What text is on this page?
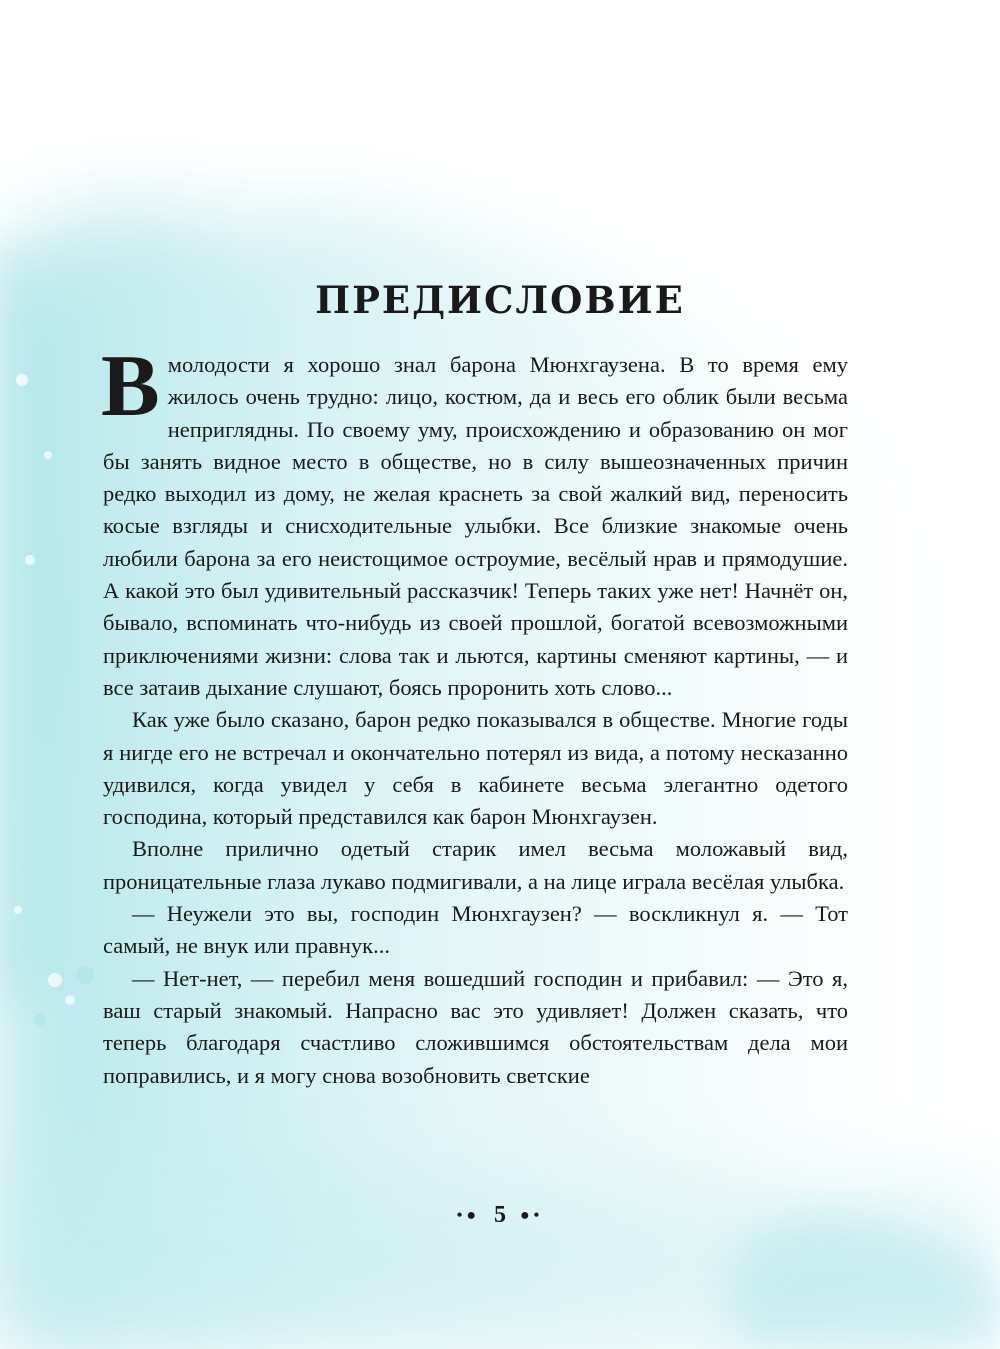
ПРЕДИСЛОВИЕ

Вмолодости я хорошо знал барона Мюнхгаузена. В то время ему жилось очень трудно: лицо, костюм, да и весь его облик были весьма неприглядны. По своему уму, происхождению и образованию он мог бы занять видное место в обществе, но в силу вышеозначенных причин редко выходил из дому, не желая краснеть за свой жалкий вид, переносить косые взгляды и снисходительные улыбки. Все близкие знакомые очень любили барона за его неистощимое остроумие, весёлый нрав и прямодушие. А какой это был удивительный рассказчик! Теперь таких уже нет! Начнёт он, бывало, вспоминать что-нибудь из своей прошлой, богатой всевозможными приключениями жизни: слова так и льются, картины сменяют картины, — и все затаив дыхание слушают, боясь проронить хоть слово...

Как уже было сказано, барон редко показывался в обществе. Многие годы я нигде его не встречал и окончательно потерял из вида, а потому несказанно удивился, когда увидел у себя в кабинете весьма элегантно одетого господина, который представился как барон Мюнхгаузен.

Вполне прилично одетый старик имел весьма моложавый вид, проницательные глаза лукаво подмигивали, а на лице играла весёлая улыбка.

— Неужели это вы, господин Мюнхгаузен? — воскликнул я. — Тот самый, не внук или правнук...

— Нет-нет, — перебил меня вошедший господин и прибавил: — Это я, ваш старый знакомый. Напрасно вас это удивляет! Должен сказать, что теперь благодаря счастливо сложившимся обстоятельствам дела мои поправились, и я могу снова возобновить светские

•● 5 ●•
